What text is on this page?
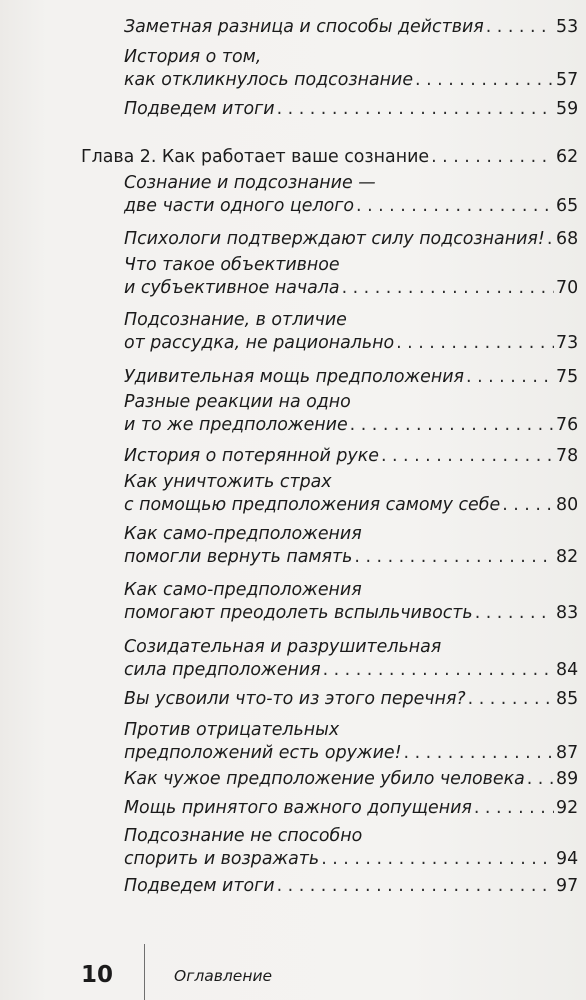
Заметная разница и способы действия . . .	53
История о том,
как откликнулось подсознание . . .	57
Подведем итоги . . .	59
Глава 2. Как работает ваше сознание . . .	62
Сознание и подсознание —
две части одного целого . . .	65
Психологи подтверждают силу подсознания! . . . 68
Что такое объективное
и субъективное начала . . .	70
Подсознание, в отличие
от рассудка, не рационально . . .	73
Удивительная мощь предположения . . .	75
Разные реакции на одно
и то же предположение . . .	76
История о потерянной руке . . .	78
Как уничтожить страх
с помощью предположения самому себе . . .	80
Как само-предположения
помогли вернуть память . . .	82
Как само-предположения
помогают преодолеть вспыльчивость . . .	83
Созидательная и разрушительная
сила предположения . . .	84
Вы усвоили что-то из этого перечня? . . .	85
Против отрицательных
предположений есть оружие! . . .	87
Как чужое предположение убило человека . . . 89
Мощь принятого важного допущения . . .	92
Подсознание не способно
спорить и возражать . . .	94
Подведем итоги . . .	97
10	Оглавление
